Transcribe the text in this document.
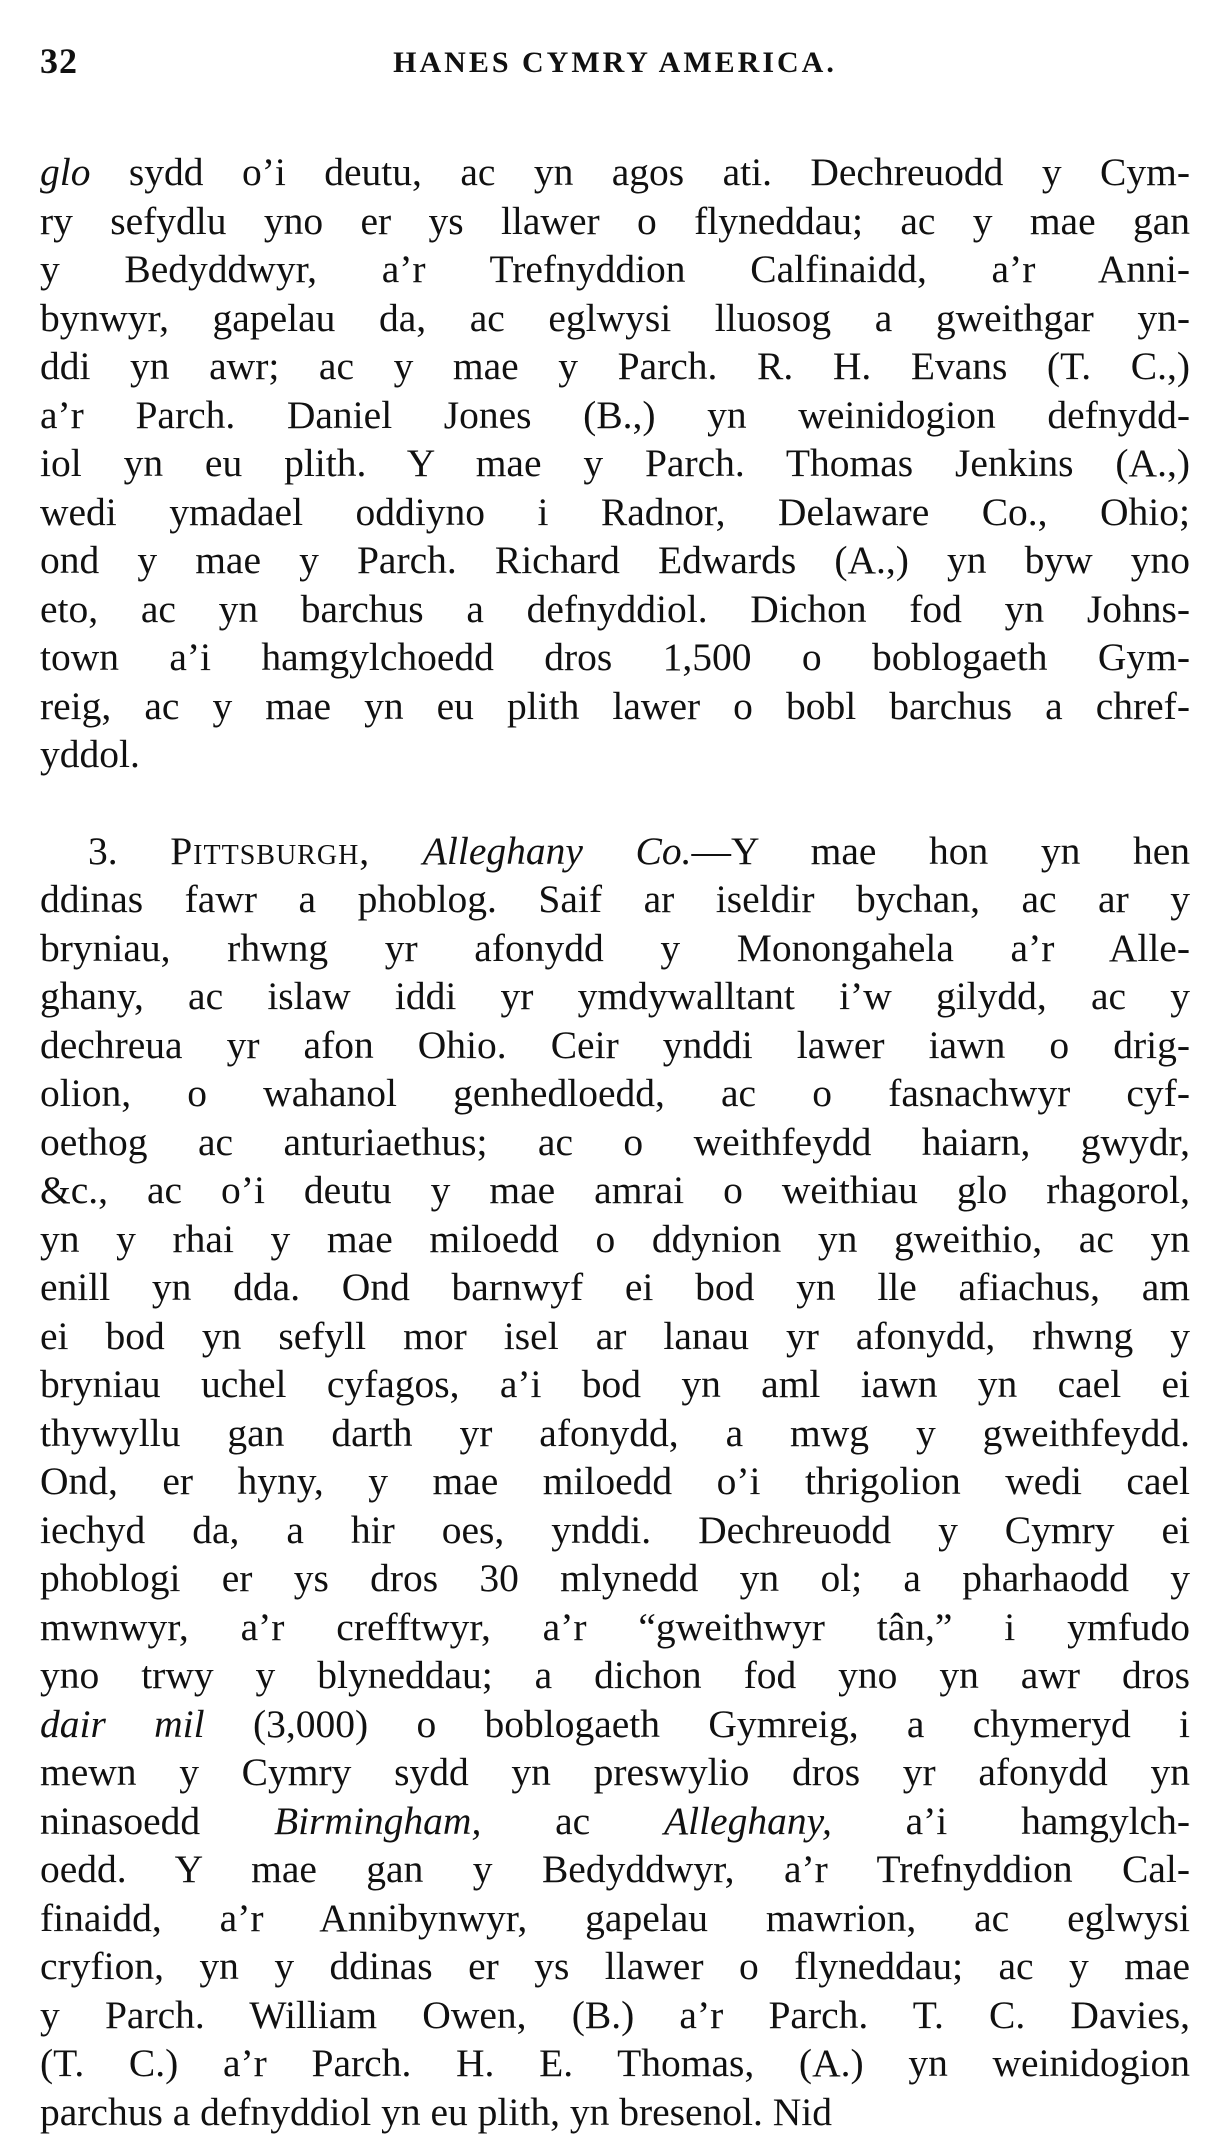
32	HANES CYMRY AMERICA.
glo sydd o’i deutu, ac yn agos ati. Dechreuodd y Cym-
ry sefydlu yno er ys llawer o flyneddau; ac y mae gan
y Bedyddwyr, a’r Trefnyddion Calfinaidd, a’r Anni-
bynwyr, gapelau da, ac eglwysi lluosog a gweithgar yn-
ddi yn awr; ac y mae y Parch. R. H. Evans (T. C.,)
a’r Parch. Daniel Jones (B.,) yn weinidogion defnydd-
iol yn eu plith. Y mae y Parch. Thomas Jenkins (A.,)
wedi ymadael oddiyno i Radnor, Delaware Co., Ohio;
ond y mae y Parch. Richard Edwards (A.,) yn byw yno
eto, ac yn barchus a defnyddiol. Dichon fod yn Johns-
town a’i hamgylchoedd dros 1,500 o boblogaeth Gym-
reig, ac y mae yn eu plith lawer o bobl barchus a chref-
yddol.
3. Pittsburgh, Alleghany Co.—Y mae hon yn hen
ddinas fawr a phoblog. Saif ar iseldir bychan, ac ar y
bryniau, rhwng yr afonydd y Monongahela a’r Alle-
ghany, ac islaw iddi yr ymdywalltant i’w gilydd, ac y
dechreua yr afon Ohio. Ceir ynddi lawer iawn o drig-
olion, o wahanol genhedloedd, ac o fasnachwyr cyf-
oethog ac anturiaethus; ac o weithfeydd haiarn, gwydr,
&c., ac o’i deutu y mae amrai o weithiau glo rhagorol,
yn y rhai y mae miloedd o ddynion yn gweithio, ac yn
enill yn dda. Ond barnwyf ei bod yn lle afiachus, am
ei bod yn sefyll mor isel ar lanau yr afonydd, rhwng y
bryniau uchel cyfagos, a’i bod yn aml iawn yn cael ei
thywyllu gan darth yr afonydd, a mwg y gweithfeydd.
Ond, er hyny, y mae miloedd o’i thrigolion wedi cael
iechyd da, a hir oes, ynddi. Dechreuodd y Cymry ei
phoblogi er ys dros 30 mlynedd yn ol; a pharhaodd y
mwnwyr, a’r crefftwyr, a’r “gweithwyr tân,” i ymfudo
yno trwy y blyneddau; a dichon fod yno yn awr dros
dair mil (3,000) o boblogaeth Gymreig, a chymeryd i
mewn y Cymry sydd yn preswylio dros yr afonydd yn
ninasoedd Birmingham, ac Alleghany, a’i hamgylch-
oedd. Y mae gan y Bedyddwyr, a’r Trefnyddion Cal-
finaidd, a’r Annibynwyr, gapelau mawrion, ac eglwysi
cryfion, yn y ddinas er ys llawer o flyneddau; ac y mae
y Parch. William Owen, (B.) a’r Parch. T. C. Davies,
(T. C.) a’r Parch. H. E. Thomas, (A.) yn weinidogion
parchus a defnyddiol yn eu plith, yn bresenol. Nid
